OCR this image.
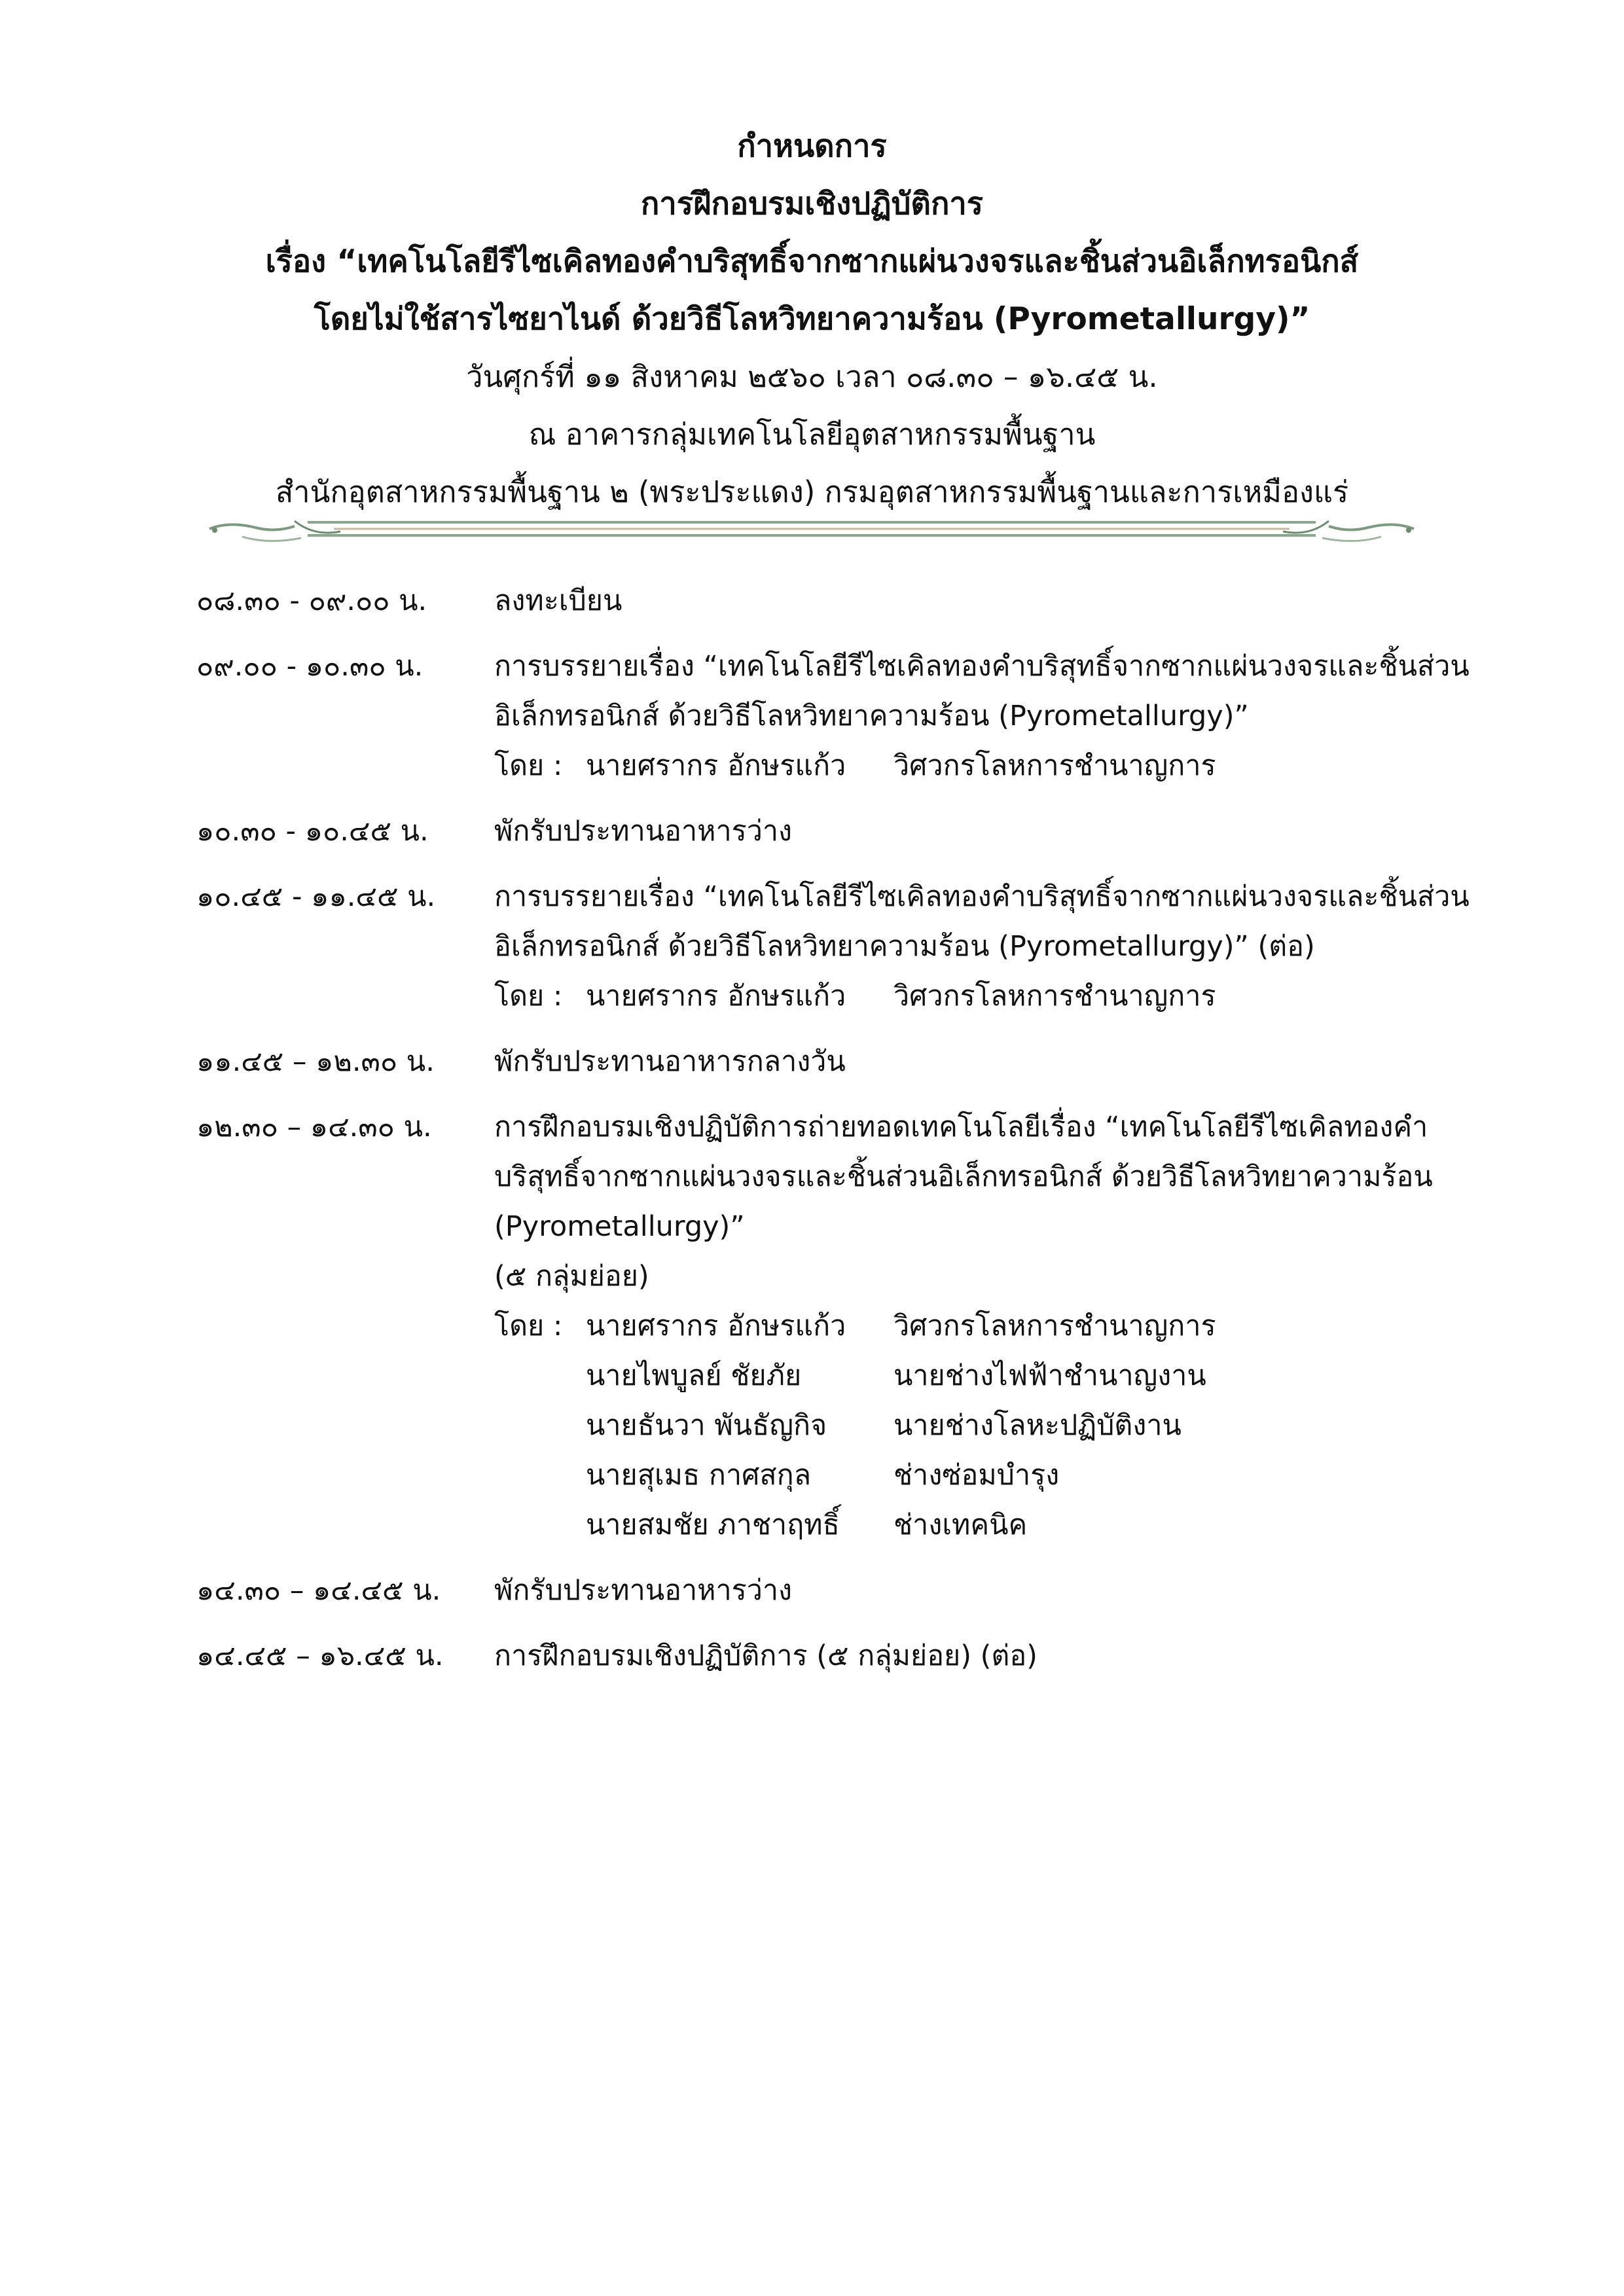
กำหนดการ
การฝึกอบรมเชิงปฏิบัติการ
เรื่อง “เทคโนโลยีรีไซเคิลทองคำบริสุทธิ์จากซากแผ่นวงจรและชิ้นส่วนอิเล็กทรอนิกส์
โดยไม่ใช้สารไซยาไนด์ ด้วยวิธีโลหวิทยาความร้อน (Pyrometallurgy)”
วันศุกร์ที่ ๑๑ สิงหาคม ๒๕๖๐ เวลา ๐๘.๓๐ – ๑๖.๔๕ น.
ณ อาคารกลุ่มเทคโนโลยีอุตสาหกรรมพื้นฐาน
สำนักอุตสาหกรรมพื้นฐาน ๒ (พระประแดง) กรมอุตสาหกรรมพื้นฐานและการเหมืองแร่
๐๘.๓๐ - ๐๙.๐๐ น.	ลงทะเบียน
๐๙.๐๐ - ๑๐.๓๐ น.	การบรรยายเรื่อง “เทคโนโลยีรีไซเคิลทองคำบริสุทธิ์จากซากแผ่นวงจรและชิ้นส่วน
อิเล็กทรอนิกส์ ด้วยวิธีโลหวิทยาความร้อน (Pyrometallurgy)”
โดย : นายศรากร อักษรแก้ว	วิศวกรโลหการชำนาญการ
๑๐.๓๐ - ๑๐.๔๕ น.	พักรับประทานอาหารว่าง
๑๐.๔๕ - ๑๑.๔๕ น.	การบรรยายเรื่อง “เทคโนโลยีรีไซเคิลทองคำบริสุทธิ์จากซากแผ่นวงจรและชิ้นส่วน
อิเล็กทรอนิกส์ ด้วยวิธีโลหวิทยาความร้อน (Pyrometallurgy)” (ต่อ)
โดย : นายศรากร อักษรแก้ว	วิศวกรโลหการชำนาญการ
๑๑.๔๕ – ๑๒.๓๐ น.	พักรับประทานอาหารกลางวัน
๑๒.๓๐ – ๑๔.๓๐ น.	การฝึกอบรมเชิงปฏิบัติการถ่ายทอดเทคโนโลยีเรื่อง “เทคโนโลยีรีไซเคิลทองคำ
บริสุทธิ์จากซากแผ่นวงจรและชิ้นส่วนอิเล็กทรอนิกส์ ด้วยวิธีโลหวิทยาความร้อน
(Pyrometallurgy)”
(๕ กลุ่มย่อย)
โดย : นายศรากร อักษรแก้ว	วิศวกรโลหการชำนาญการ
นายไพบูลย์ ชัยภัย	นายช่างไฟฟ้าชำนาญงาน
นายธันวา พันธัญกิจ	นายช่างโลหะปฏิบัติงาน
นายสุเมธ กาศสกุล	ช่างซ่อมบำรุง
นายสมชัย ภาชาฤทธิ์	ช่างเทคนิค
๑๔.๓๐ – ๑๔.๔๕ น.	พักรับประทานอาหารว่าง
๑๔.๔๕ – ๑๖.๔๕ น.	การฝึกอบรมเชิงปฏิบัติการ (๕ กลุ่มย่อย) (ต่อ)
